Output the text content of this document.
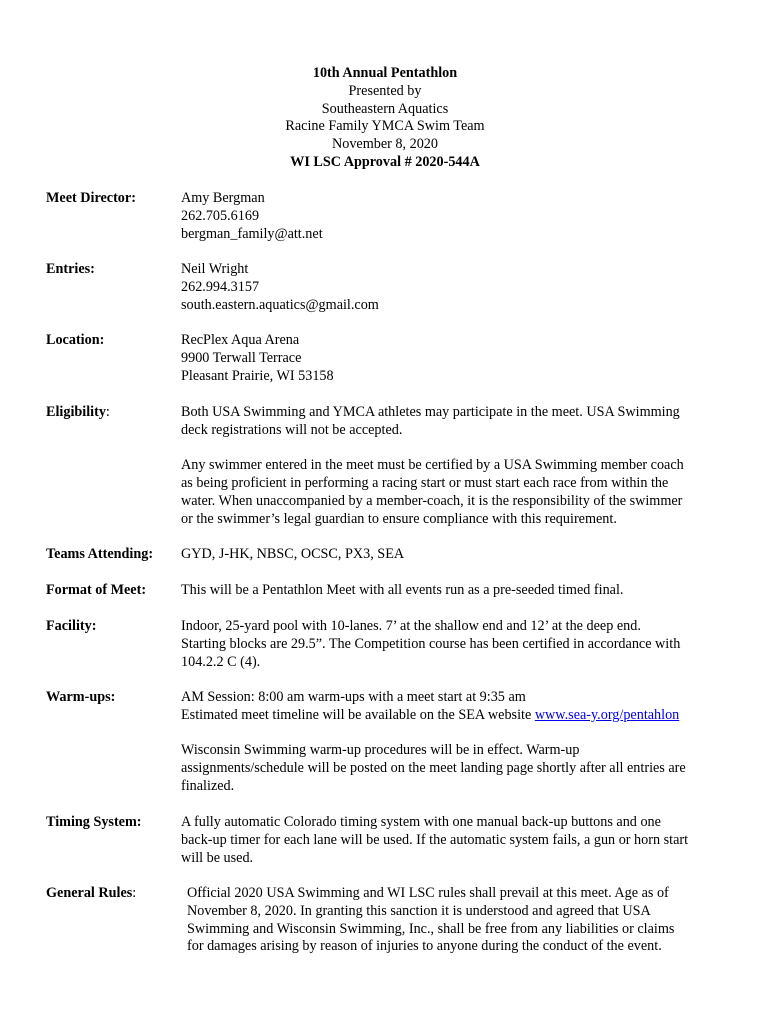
10th Annual Pentathlon
Presented by
Southeastern Aquatics
Racine Family YMCA Swim Team
November 8, 2020
WI LSC Approval # 2020-544A
Meet Director:	Amy Bergman
262.705.6169
bergman_family@att.net
Entries:	Neil Wright
262.994.3157
south.eastern.aquatics@gmail.com
Location:	RecPlex Aqua Arena
9900 Terwall Terrace
Pleasant Prairie, WI 53158
Eligibility:	Both USA Swimming and YMCA athletes may participate in the meet. USA Swimming
deck registrations will not be accepted.
Any swimmer entered in the meet must be certified by a USA Swimming member coach
as being proficient in performing a racing start or must start each race from within the
water. When unaccompanied by a member-coach, it is the responsibility of the swimmer
or the swimmer’s legal guardian to ensure compliance with this requirement.
Teams Attending:	GYD, J-HK, NBSC, OCSC, PX3, SEA
Format of Meet:	This will be a Pentathlon Meet with all events run as a pre-seeded timed final.
Facility:	Indoor, 25-yard pool with 10-lanes. 7’ at the shallow end and 12’ at the deep end.
Starting blocks are 29.5”. The Competition course has been certified in accordance with
104.2.2 C (4).
Warm-ups:	AM Session: 8:00 am warm-ups with a meet start at 9:35 am
Estimated meet timeline will be available on the SEA website www.sea-y.org/pentahlon
Wisconsin Swimming warm-up procedures will be in effect. Warm-up
assignments/schedule will be posted on the meet landing page shortly after all entries are
finalized.
Timing System:	A fully automatic Colorado timing system with one manual back-up buttons and one
back-up timer for each lane will be used. If the automatic system fails, a gun or horn start
will be used.
General Rules:	Official 2020 USA Swimming and WI LSC rules shall prevail at this meet. Age as of
November 8, 2020. In granting this sanction it is understood and agreed that USA
Swimming and Wisconsin Swimming, Inc., shall be free from any liabilities or claims
for damages arising by reason of injuries to anyone during the conduct of the event.
